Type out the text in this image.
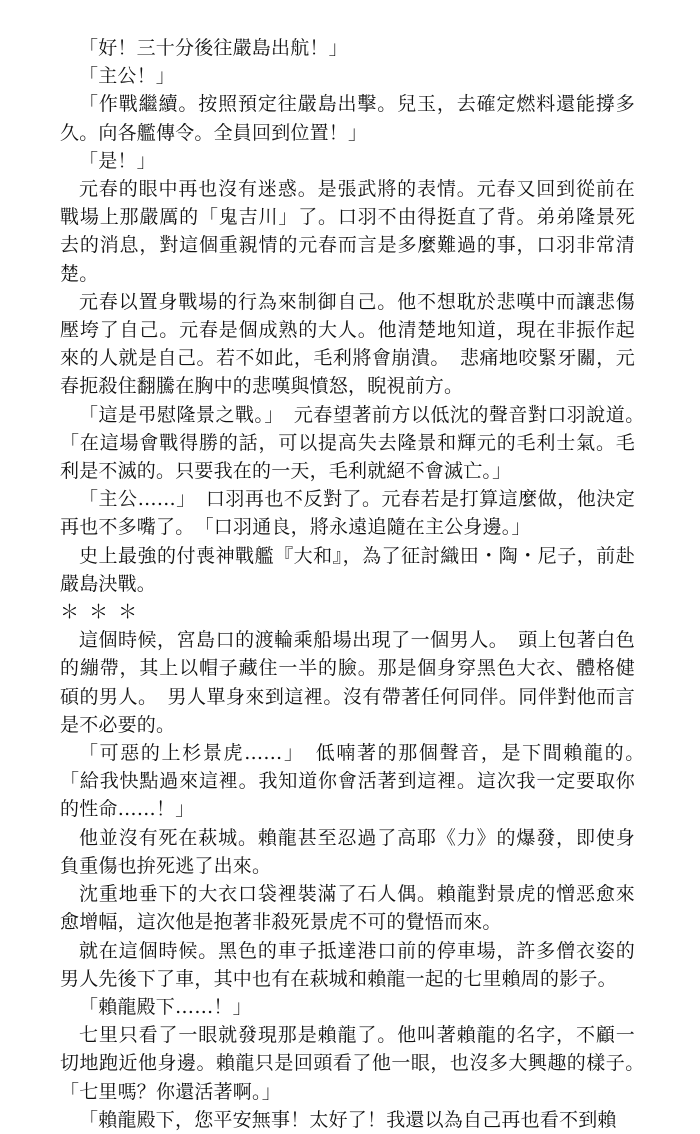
「好！三十分後往嚴島出航！」

「主公！」

「作戰繼續。按照預定往嚴島出擊。兒玉，去確定燃料還能撐多久。向各艦傳令。全員回到位置！」

「是！」

元春的眼中再也沒有迷惑。是張武將的表情。元春又回到從前在戰場上那嚴厲的「鬼吉川」了。口羽不由得挺直了背。弟弟隆景死去的消息，對這個重親情的元春而言是多麼難過的事，口羽非常清楚。

元春以置身戰場的行為來制御自己。他不想耽於悲嘆中而讓悲傷壓垮了自己。元春是個成熟的大人。他清楚地知道，現在非振作起來的人就是自己。若不如此，毛利將會崩潰。　悲痛地咬緊牙關，元春扼殺住翻騰在胸中的悲嘆與憤怒，睨視前方。

「這是弔慰隆景之戰。」　元春望著前方以低沈的聲音對口羽說道。　「在這場會戰得勝的話，可以提高失去隆景和輝元的毛利士氣。毛利是不滅的。只要我在的一天，毛利就絕不會滅亡。」

「主公……」　口羽再也不反對了。元春若是打算這麼做，他決定再也不多嘴了。　「口羽通良，將永遠追隨在主公身邊。」

史上最強的付喪神戰艦『大和』，為了征討織田・陶・尼子，前赴嚴島決戰。

＊ ＊ ＊

這個時候，宮島口的渡輪乘船場出現了一個男人。　頭上包著白色的繃帶，其上以帽子藏住一半的臉。那是個身穿黑色大衣、體格健碩的男人。　男人單身來到這裡。沒有帶著任何同伴。同伴對他而言是不必要的。

「可惡的上杉景虎……」　低喃著的那個聲音，是下間賴龍的。　「給我快點過來這裡。我知道你會活著到這裡。這次我一定要取你的性命……！」

他並沒有死在萩城。賴龍甚至忍過了高耶《力》的爆發，即使身負重傷也拚死逃了出來。

沈重地垂下的大衣口袋裡裝滿了石人偶。賴龍對景虎的憎恶愈來愈增幅，這次他是抱著非殺死景虎不可的覺悟而來。

就在這個時候。黑色的車子抵達港口前的停車場，許多僧衣姿的男人先後下了車，其中也有在萩城和賴龍一起的七里賴周的影子。

「賴龍殿下……！」

七里只看了一眼就發現那是賴龍了。他叫著賴龍的名字，不顧一切地跑近他身邊。賴龍只是回頭看了他一眼，也沒多大興趣的樣子。　「七里嗎？你還活著啊。」

「賴龍殿下，您平安無事！太好了！我還以為自己再也看不到賴
